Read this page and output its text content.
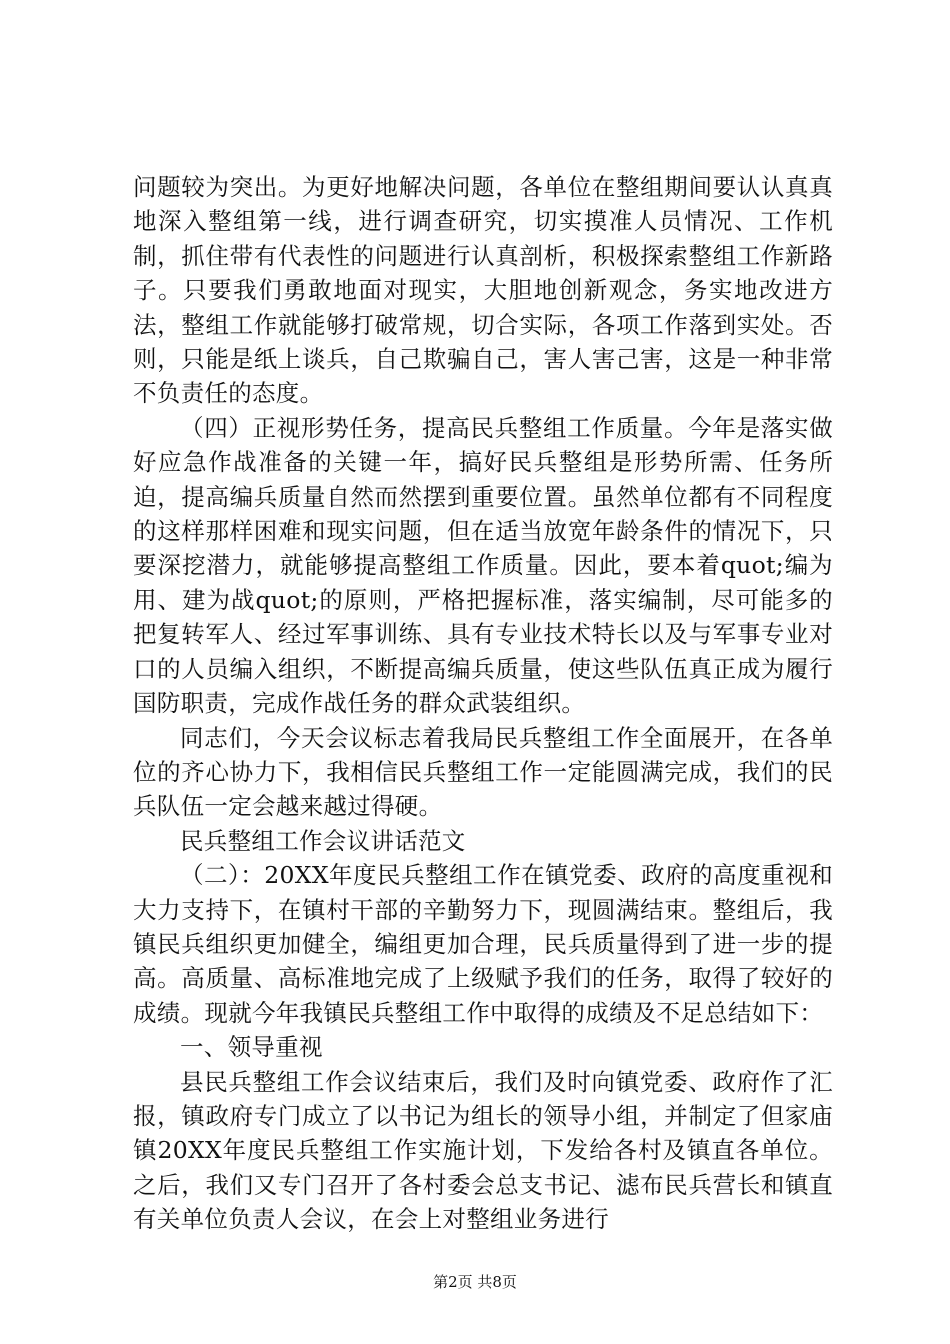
问题较为突出。为更好地解决问题，各单位在整组期间要认认真真地深入整组第一线，进行调查研究，切实摸准人员情况、工作机制，抓住带有代表性的问题进行认真剖析，积极探索整组工作新路子。只要我们勇敢地面对现实，大胆地创新观念，务实地改进方法，整组工作就能够打破常规，切合实际，各项工作落到实处。否则，只能是纸上谈兵，自己欺骗自己，害人害己害，这是一种非常不负责任的态度。

（四）正视形势任务，提高民兵整组工作质量。今年是落实做好应急作战准备的关键一年，搞好民兵整组是形势所需、任务所迫，提高编兵质量自然而然摆到重要位置。虽然单位都有不同程度的这样那样困难和现实问题，但在适当放宽年龄条件的情况下，只要深挖潜力，就能够提高整组工作质量。因此，要本着quot;编为用、建为战quot;的原则，严格把握标准，落实编制，尽可能多的把复转军人、经过军事训练、具有专业技术特长以及与军事专业对口的人员编入组织，不断提高编兵质量，使这些队伍真正成为履行国防职责，完成作战任务的群众武装组织。

同志们，今天会议标志着我局民兵整组工作全面展开，在各单位的齐心协力下，我相信民兵整组工作一定能圆满完成，我们的民兵队伍一定会越来越过得硬。

民兵整组工作会议讲话范文

（二）：20XX年度民兵整组工作在镇党委、政府的高度重视和大力支持下，在镇村干部的辛勤努力下，现圆满结束。整组后，我镇民兵组织更加健全，编组更加合理，民兵质量得到了进一步的提高。高质量、高标准地完成了上级赋予我们的任务，取得了较好的成绩。现就今年我镇民兵整组工作中取得的成绩及不足总结如下：

一、领导重视

县民兵整组工作会议结束后，我们及时向镇党委、政府作了汇报，镇政府专门成立了以书记为组长的领导小组，并制定了但家庙镇20XX年度民兵整组工作实施计划，下发给各村及镇直各单位。之后，我们又专门召开了各村委会总支书记、滤布民兵营长和镇直有关单位负责人会议，在会上对整组业务进行

第2页 共8页
